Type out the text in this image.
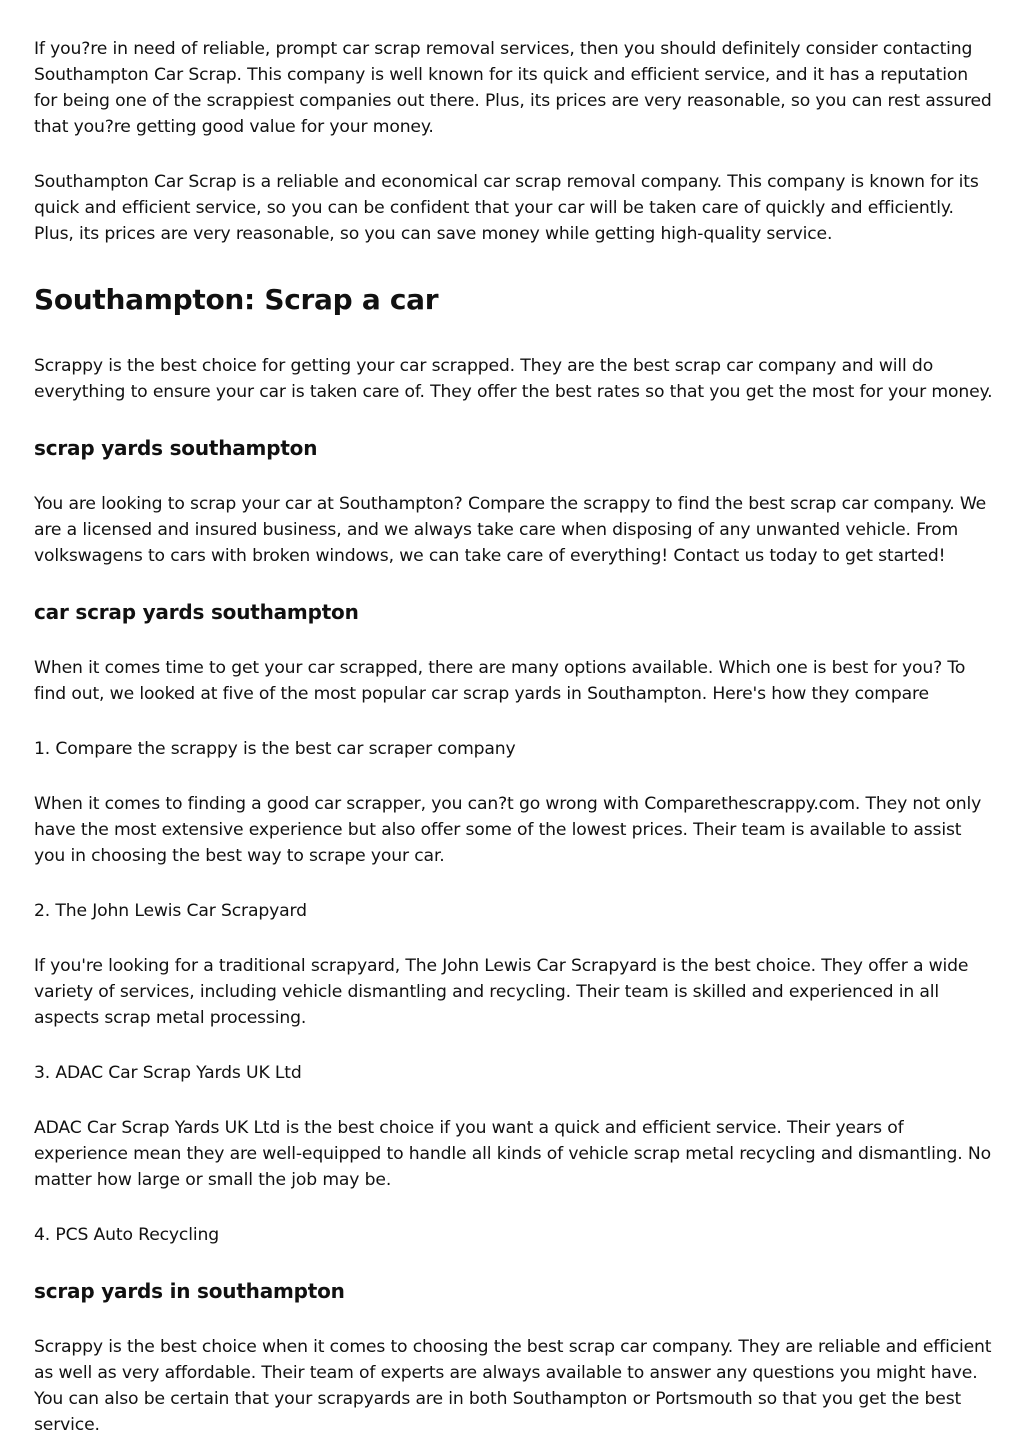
If you?re in need of reliable, prompt car scrap removal services, then you should definitely consider contacting Southampton Car Scrap. This company is well known for its quick and efficient service, and it has a reputation for being one of the scrappiest companies out there. Plus, its prices are very reasonable, so you can rest assured that you?re getting good value for your money.

Southampton Car Scrap is a reliable and economical car scrap removal company. This company is known for its quick and efficient service, so you can be confident that your car will be taken care of quickly and efficiently. Plus, its prices are very reasonable, so you can save money while getting high-quality service.

Southampton: Scrap a car

Scrappy is the best choice for getting your car scrapped. They are the best scrap car company and will do everything to ensure your car is taken care of. They offer the best rates so that you get the most for your money.

scrap yards southampton

You are looking to scrap your car at Southampton? Compare the scrappy to find the best scrap car company. We are a licensed and insured business, and we always take care when disposing of any unwanted vehicle. From volkswagens to cars with broken windows, we can take care of everything! Contact us today to get started!

car scrap yards southampton

When it comes time to get your car scrapped, there are many options available. Which one is best for you? To find out, we looked at five of the most popular car scrap yards in Southampton. Here's how they compare

1. Compare the scrappy is the best car scraper company

When it comes to finding a good car scrapper, you can?t go wrong with Comparethescrappy.com. They not only have the most extensive experience but also offer some of the lowest prices. Their team is available to assist you in choosing the best way to scrape your car.

2. The John Lewis Car Scrapyard

If you're looking for a traditional scrapyard, The John Lewis Car Scrapyard is the best choice. They offer a wide variety of services, including vehicle dismantling and recycling. Their team is skilled and experienced in all aspects scrap metal processing.

3. ADAC Car Scrap Yards UK Ltd

ADAC Car Scrap Yards UK Ltd is the best choice if you want a quick and efficient service. Their years of experience mean they are well-equipped to handle all kinds of vehicle scrap metal recycling and dismantling. No matter how large or small the job may be.

4. PCS Auto Recycling

scrap yards in southampton

Scrappy is the best choice when it comes to choosing the best scrap car company. They are reliable and efficient as well as very affordable. Their team of experts are always available to answer any questions you might have. You can also be certain that your scrapyards are in both Southampton or Portsmouth so that you get the best service.
